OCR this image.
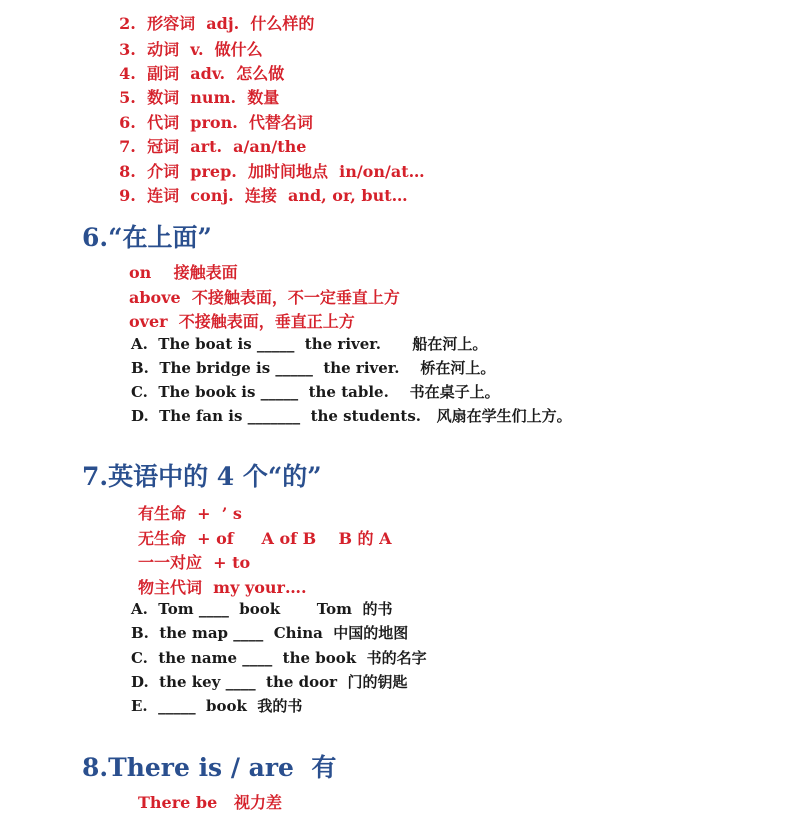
2. 形容词  adj.  什么样的

3. 动词  v.  做什么

4. 副词  adv.  怎么做

5. 数词  num.  数量

6. 代词  pron.  代替名词

7. 冠词  art.  a/an/the

8. 介词  prep.  加时间地点  in/on/at…

9. 连词  conj.  连接  and, or, but…

6.“在上面”
on    接触表面
above  不接触表面，不一定垂直上方
over  不接触表面，垂直正上方
A.  The boat is _____  the river.      船在河上。
B.  The bridge is _____  the river.    桥在河上。
C.  The book is _____  the table.    书在桌子上。
D.  The fan is _______  the students.   风扇在学生们上方。
7.英语中的 4 个“的”
有生命  +  ’ s
无生命  + of     A of B    B 的 A
一一对应  + to
物主代词  my your….
A.  Tom ____  book       Tom  的书
B.  the map ____  China  中国的地图
C.  the name ____  the book  书的名字
D.  the key ____  the door  门的钥匙
E.  _____  book  我的书
8.There is / are  有
There be   视力差
